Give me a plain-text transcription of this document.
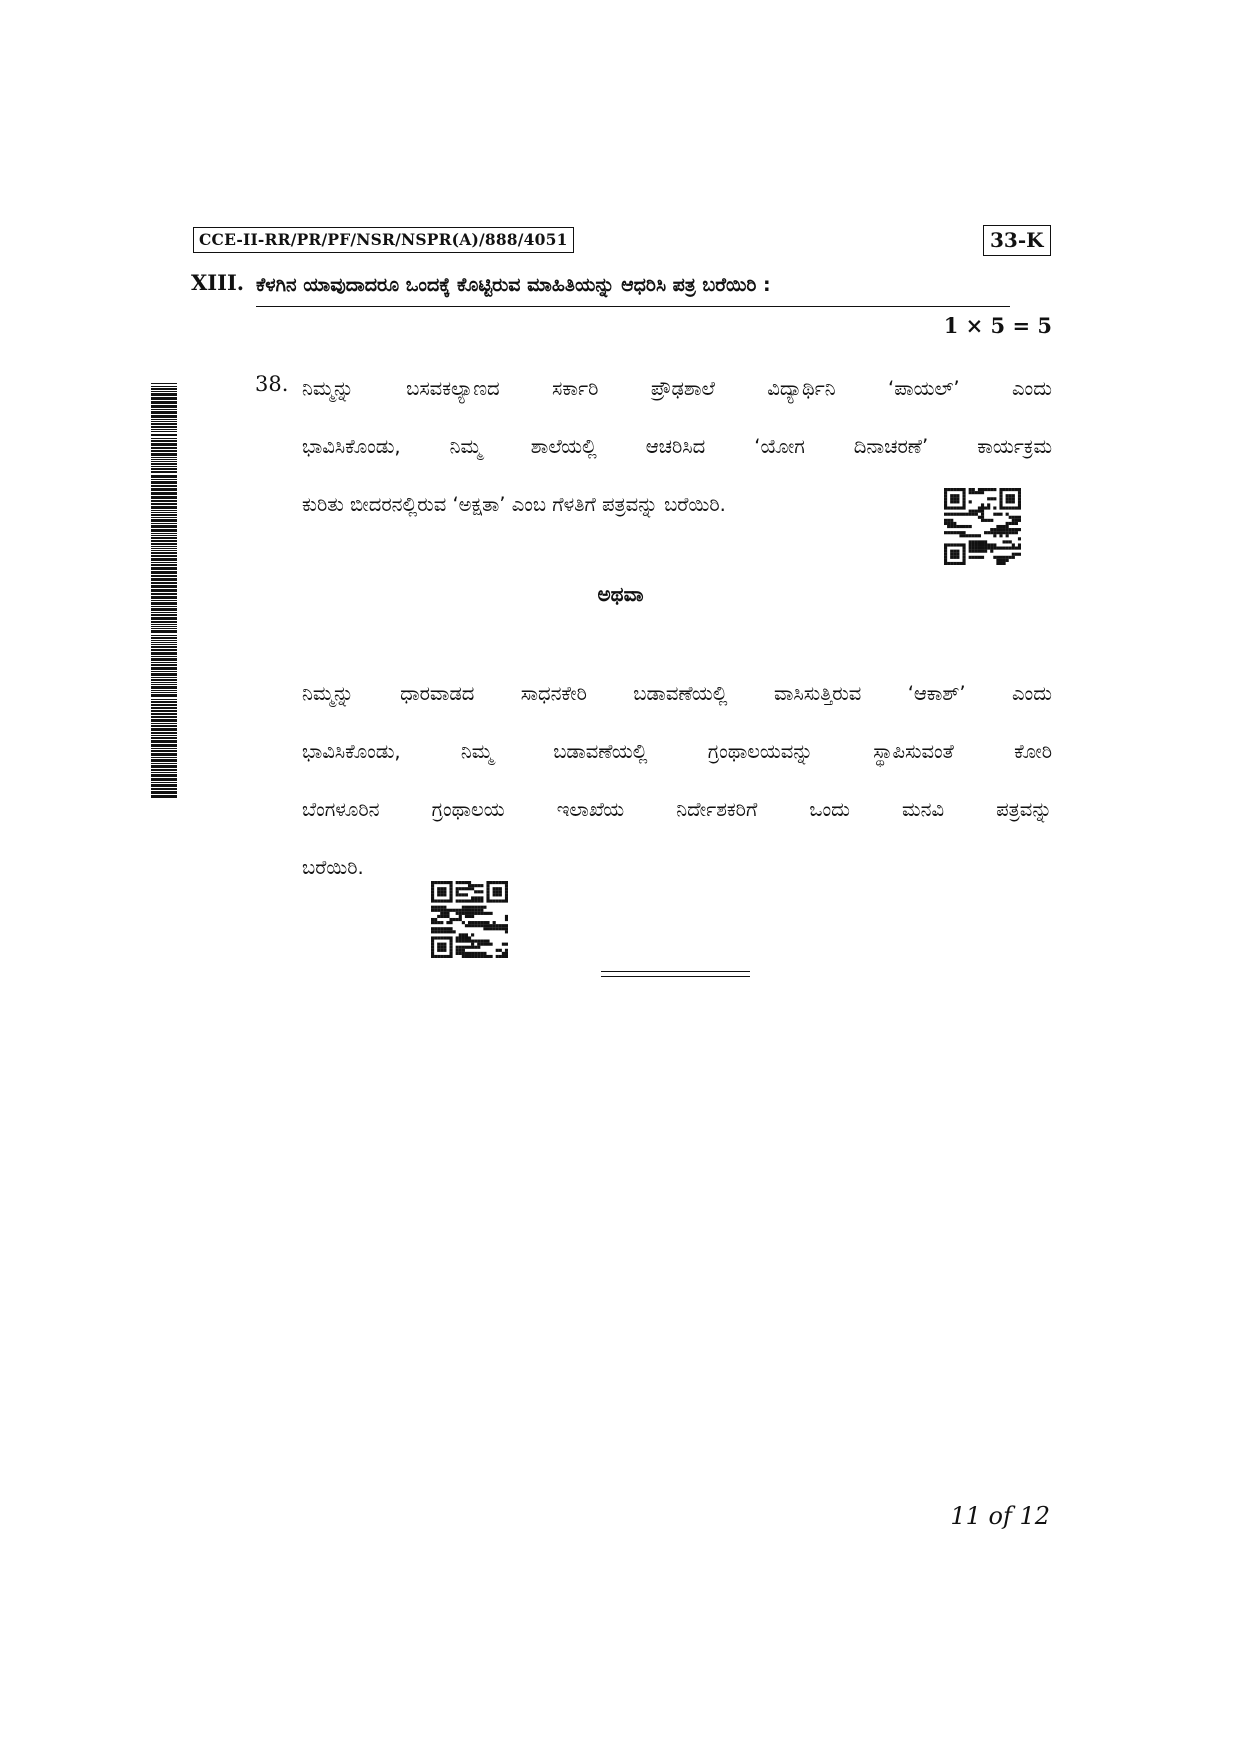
CCE-II-RR/PR/PF/NSR/NSPR(A)/888/4051	33-K
XIII. ಕೆಳಗಿನ ಯಾವುದಾದರೂ ಒಂದಕ್ಕೆ ಕೊಟ್ಟಿರುವ ಮಾಹಿತಿಯನ್ನು ಆಧರಿಸಿ ಪತ್ರ ಬರೆಯಿರಿ :
1 × 5 = 5
38. ನಿಮ್ಮನ್ನು ಬಸವಕಲ್ಯಾಣದ ಸರ್ಕಾರಿ ಪ್ರೌಢಶಾಲೆ ವಿದ್ಯಾರ್ಥಿನಿ ‘ಪಾಯಲ್’ ಎಂದು
ಭಾವಿಸಿಕೊಂಡು, ನಿಮ್ಮ ಶಾಲೆಯಲ್ಲಿ ಆಚರಿಸಿದ ‘ಯೋಗ ದಿನಾಚರಣೆ’ ಕಾರ್ಯಕ್ರಮ
ಕುರಿತು ಬೀದರನಲ್ಲಿರುವ ‘ಅಕ್ಷತಾ’ ಎಂಬ ಗೆಳತಿಗೆ ಪತ್ರವನ್ನು ಬರೆಯಿರಿ.
ಅಥವಾ
ನಿಮ್ಮನ್ನು ಧಾರವಾಡದ ಸಾಧನಕೇರಿ ಬಡಾವಣೆಯಲ್ಲಿ ವಾಸಿಸುತ್ತಿರುವ ‘ಆಕಾಶ್’ ಎಂದು
ಭಾವಿಸಿಕೊಂಡು, ನಿಮ್ಮ ಬಡಾವಣೆಯಲ್ಲಿ ಗ್ರಂಥಾಲಯವನ್ನು ಸ್ಥಾಪಿಸುವಂತೆ ಕೋರಿ
ಬೆಂಗಳೂರಿನ ಗ್ರಂಥಾಲಯ ಇಲಾಖೆಯ ನಿರ್ದೇಶಕರಿಗೆ ಒಂದು ಮನವಿ ಪತ್ರವನ್ನು
ಬರೆಯಿರಿ.
11 of 12
